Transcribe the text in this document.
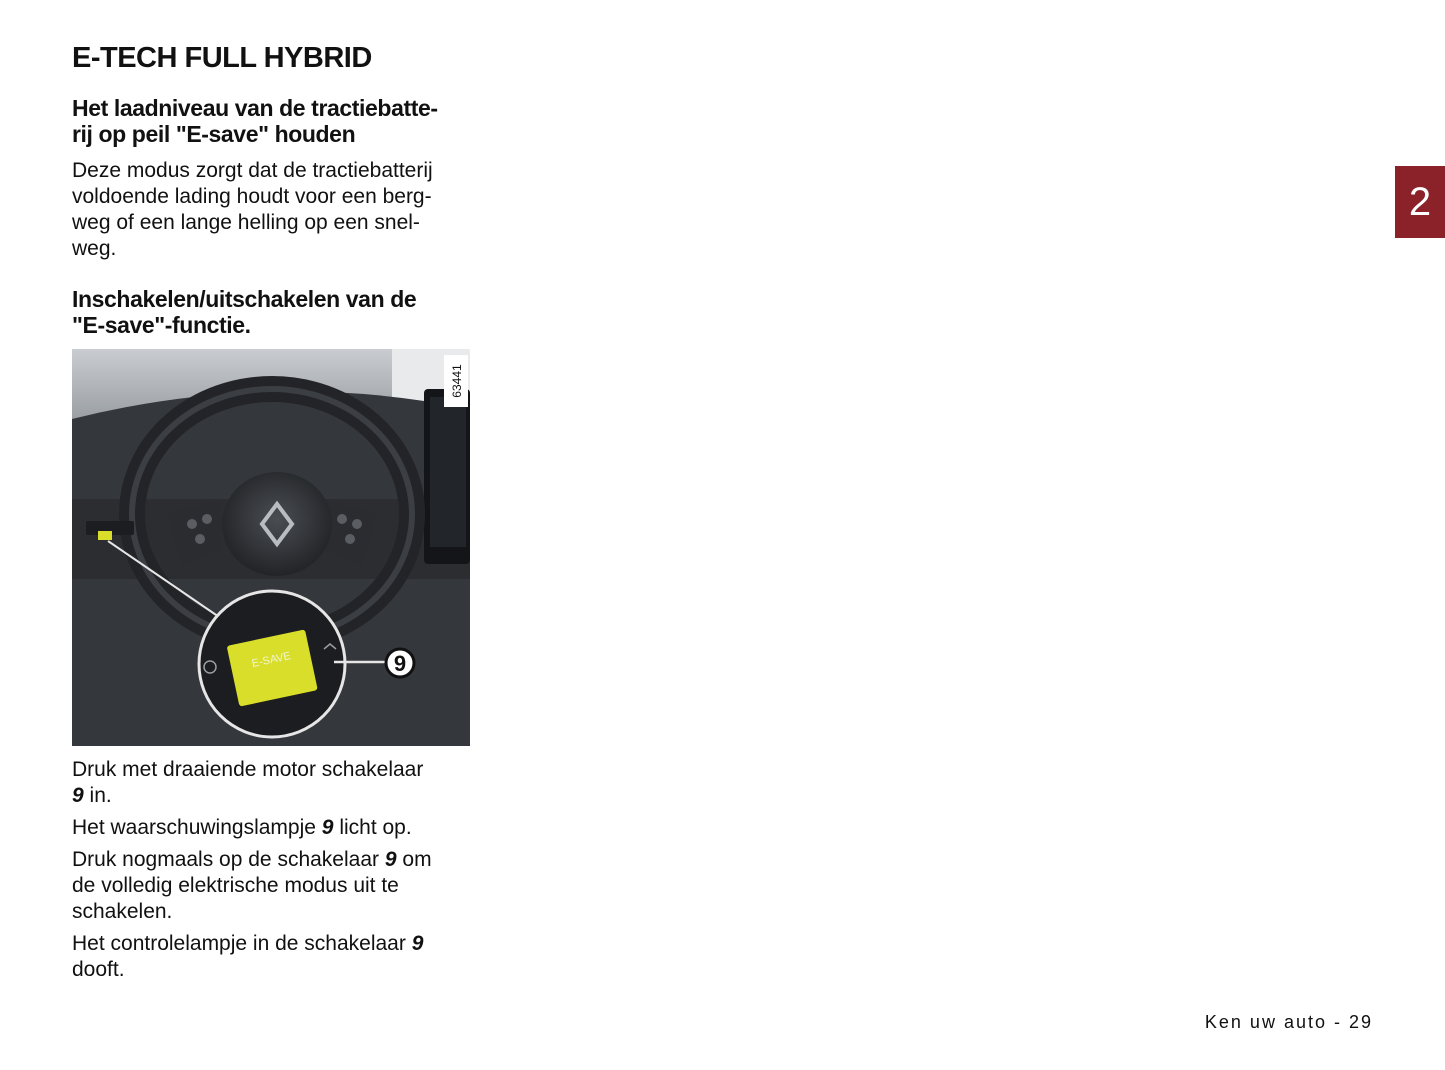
E-TECH FULL HYBRID
Het laadniveau van de tractiebatte-
rij op peil "E-save" houden

Deze modus zorgt dat de tractiebatterij
voldoende lading houdt voor een berg-
weg of een lange helling op een snel-
weg.

Inschakelen/uitschakelen van de
"E-save"-functie.
E-SAVE	9
63441

Druk met draaiende motor schakelaar
9 in.

Het waarschuwingslampje 9 licht op.

Druk nogmaals op de schakelaar 9 om
de volledig elektrische modus uit te
schakelen.

Het controlelampje in de schakelaar 9
dooft.

2
Ken uw auto - 29
